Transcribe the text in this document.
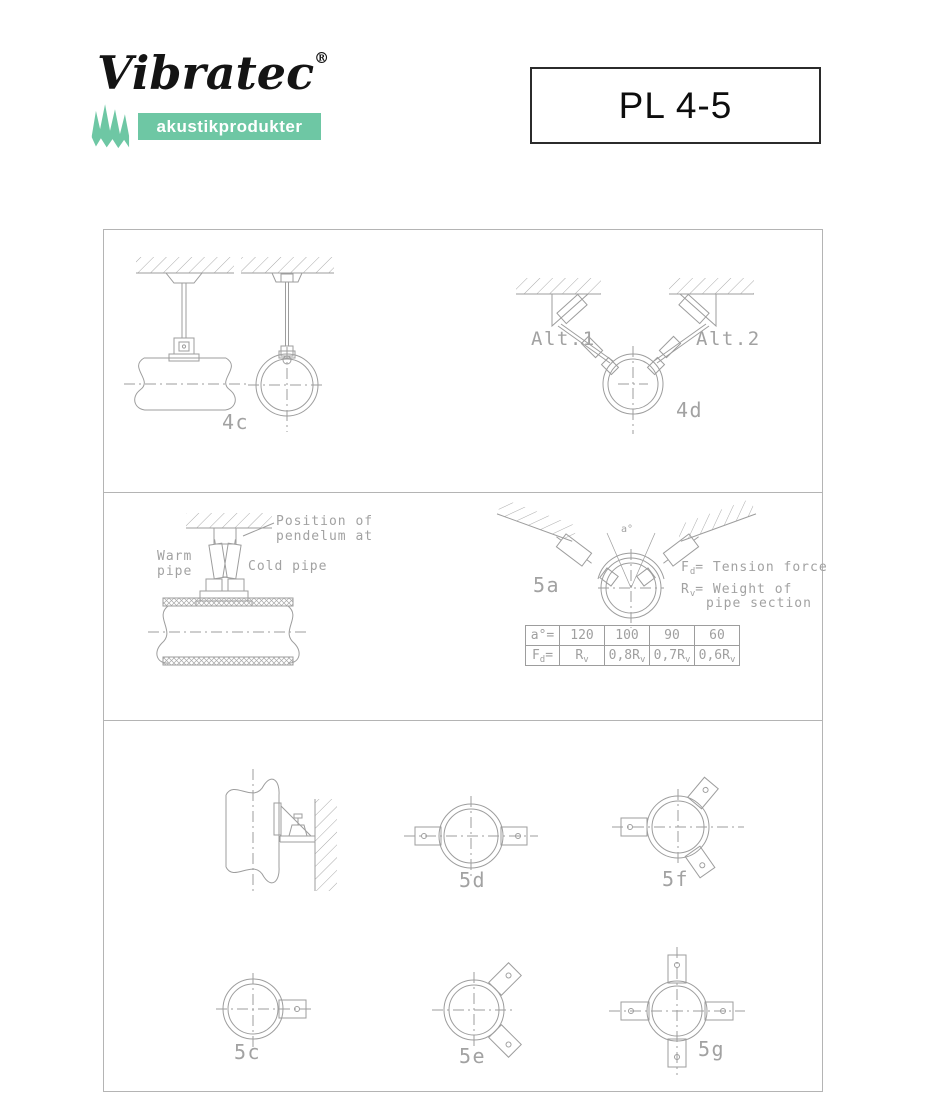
Vibratec®
akustikprodukter
PL 4-5
4c
Alt.1	Alt.2
4d
Position of
pendelum at
Warm
pipe	Cold pipe
5a
a°
$F_d=$ Tension force
$R_v=$ Weight of
pipe section
a°=	120	100	90	60
$F_d=$	$R_v$	$0,8R_v$ $0,7R_v$ $0,6R_v$
5d	5f
5c	5e	5g
